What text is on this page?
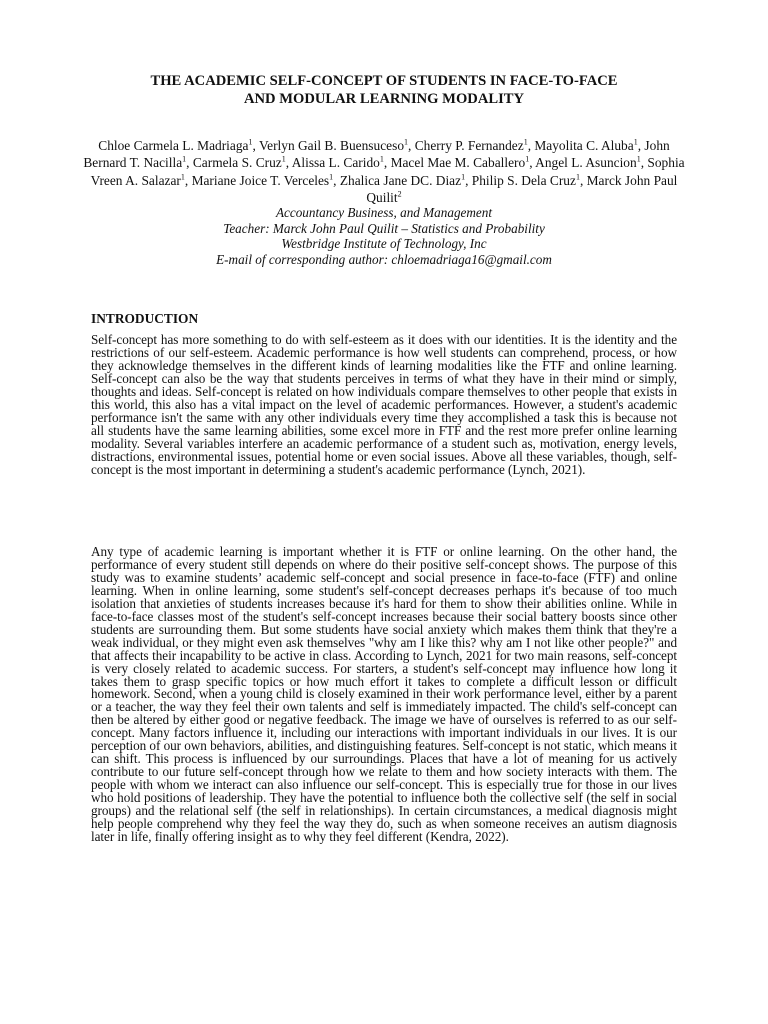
THE ACADEMIC SELF-CONCEPT OF STUDENTS IN FACE-TO-FACE
AND MODULAR LEARNING MODALITY
Chloe Carmela L. Madriaga$^1$, Verlyn Gail B. Buensuceso$^1$, Cherry P. Fernandez$^1$, Mayolita C. Aluba$^1$, John Bernard T. Nacilla$^1$, Carmela S. Cruz$^1$, Alissa L. Carido$^1$, Macel Mae M. Caballero$^1$, Angel L. Asuncion$^1$, Sophia Vreen A. Salazar$^1$, Mariane Joice T. Verceles$^1$, Zhalica Jane DC. Diaz$^1$, Philip S. Dela Cruz$^1$, Marck John Paul Quilit$^2$
Accountancy Business, and Management
Teacher: Marck John Paul Quilit – Statistics and Probability
Westbridge Institute of Technology, Inc
E-mail of corresponding author: chloemadriaga16@gmail.com
INTRODUCTION
Self-concept has more something to do with self-esteem as it does with our identities. It is the identity and the restrictions of our self-esteem. Academic performance is how well students can comprehend, process, or how they acknowledge themselves in the different kinds of learning modalities like the FTF and online learning. Self-concept can also be the way that students perceives in terms of what they have in their mind or simply, thoughts and ideas. Self-concept is related on how individuals compare themselves to other people that exists in this world, this also has a vital impact on the level of academic performances. However, a student's academic performance isn't the same with any other individuals every time they accomplished a task this is because not all students have the same learning abilities, some excel more in FTF and the rest more prefer online learning modality. Several variables interfere an academic performance of a student such as, motivation, energy levels, distractions, environmental issues, potential home or even social issues. Above all these variables, though, self-concept is the most important in determining a student's academic performance (Lynch, 2021).
Any type of academic learning is important whether it is FTF or online learning. On the other hand, the performance of every student still depends on where do their positive self-concept shows. The purpose of this study was to examine students’ academic self-concept and social presence in face-to-face (FTF) and online learning. When in online learning, some student's self-concept decreases perhaps it's because of too much isolation that anxieties of students increases because it's hard for them to show their abilities online. While in face-to-face classes most of the student's self-concept increases because their social battery boosts since other students are surrounding them. But some students have social anxiety which makes them think that they're a weak individual, or they might even ask themselves "why am I like this? why am I not like other people?" and that affects their incapability to be active in class. According to Lynch, 2021 for two main reasons, self-concept is very closely related to academic success. For starters, a student's self-concept may influence how long it takes them to grasp specific topics or how much effort it takes to complete a difficult lesson or difficult homework. Second, when a young child is closely examined in their work performance level, either by a parent or a teacher, the way they feel their own talents and self is immediately impacted. The child's self-concept can then be altered by either good or negative feedback. The image we have of ourselves is referred to as our self-concept. Many factors influence it, including our interactions with important individuals in our lives. It is our perception of our own behaviors, abilities, and distinguishing features. Self-concept is not static, which means it can shift. This process is influenced by our surroundings. Places that have a lot of meaning for us actively contribute to our future self-concept through how we relate to them and how society interacts with them. The people with whom we interact can also influence our self-concept. This is especially true for those in our lives who hold positions of leadership. They have the potential to influence both the collective self (the self in social groups) and the relational self (the self in relationships). In certain circumstances, a medical diagnosis might help people comprehend why they feel the way they do, such as when someone receives an autism diagnosis later in life, finally offering insight as to why they feel different (Kendra, 2022).
